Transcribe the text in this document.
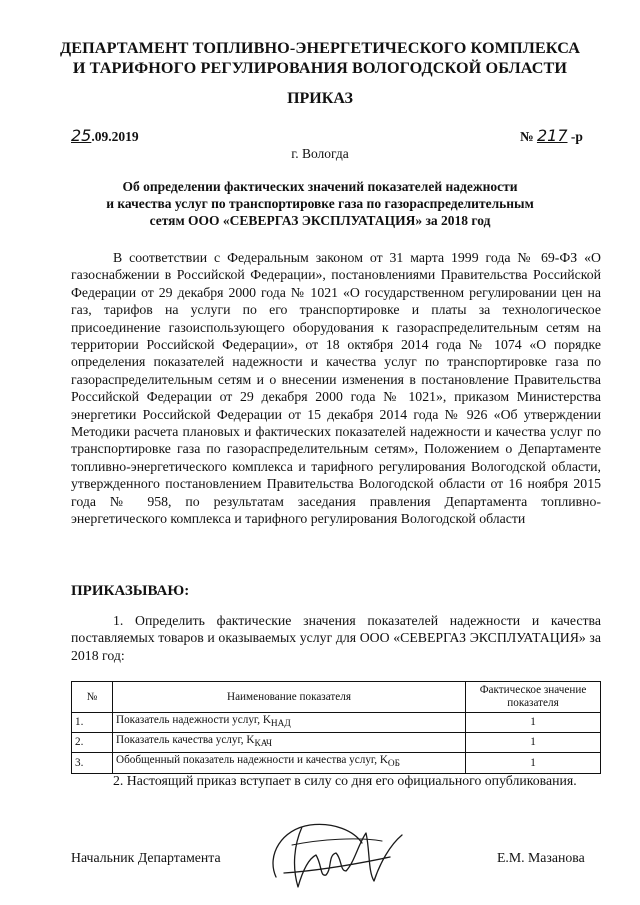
ДЕПАРТАМЕНТ ТОПЛИВНО-ЭНЕРГЕТИЧЕСКОГО КОМПЛЕКСА
И ТАРИФНОГО РЕГУЛИРОВАНИЯ ВОЛОГОДСКОЙ ОБЛАСТИ
ПРИКАЗ
25.09.2019	№ 217 -р
г. Вологда
Об определении фактических значений показателей надежности
и качества услуг по транспортировке газа по газораспределительным
сетям ООО «СЕВЕРГАЗ ЭКСПЛУАТАЦИЯ» за 2018 год
В соответствии с Федеральным законом от 31 марта 1999 года № 69-ФЗ «О газоснабжении в Российской Федерации», постановлениями Правительства Российской Федерации от 29 декабря 2000 года № 1021 «О государственном регулировании цен на газ, тарифов на услуги по его транспортировке и платы за технологическое присоединение газоиспользующего оборудования к газораспределительным сетям на территории Российской Федерации», от 18 октября 2014 года № 1074 «О порядке определения показателей надежности и качества услуг по транспортировке газа по газораспределительным сетям и о внесении изменения в постановление Правительства Российской Федерации от 29 декабря 2000 года № 1021», приказом Министерства энергетики Российской Федерации от 15 декабря 2014 года № 926 «Об утверждении Методики расчета плановых и фактических показателей надежности и качества услуг по транспортировке газа по газораспределительным сетям», Положением о Департаменте топливно-энергетического комплекса и тарифного регулирования Вологодской области, утвержденного постановлением Правительства Вологодской области от 16 ноября 2015 года № 958, по результатам заседания правления Департамента топливно-энергетического комплекса и тарифного регулирования Вологодской области
ПРИКАЗЫВАЮ:
1. Определить фактические значения показателей надежности и качества поставляемых товаров и оказываемых услуг для ООО «СЕВЕРГАЗ ЭКСПЛУАТАЦИЯ» за 2018 год:
№	Наименование показателя	Фактическое значение показателя
1.	Показатель надежности услуг, $K_{НАД}$	1
2.	Показатель качества услуг, $K_{КАЧ}$	1
3.	Обобщенный показатель надежности и качества услуг, $K_{ОБ}$	1
2. Настоящий приказ вступает в силу со дня его официального опубликования.
Начальник Департамента	Е.М. Мазанова
